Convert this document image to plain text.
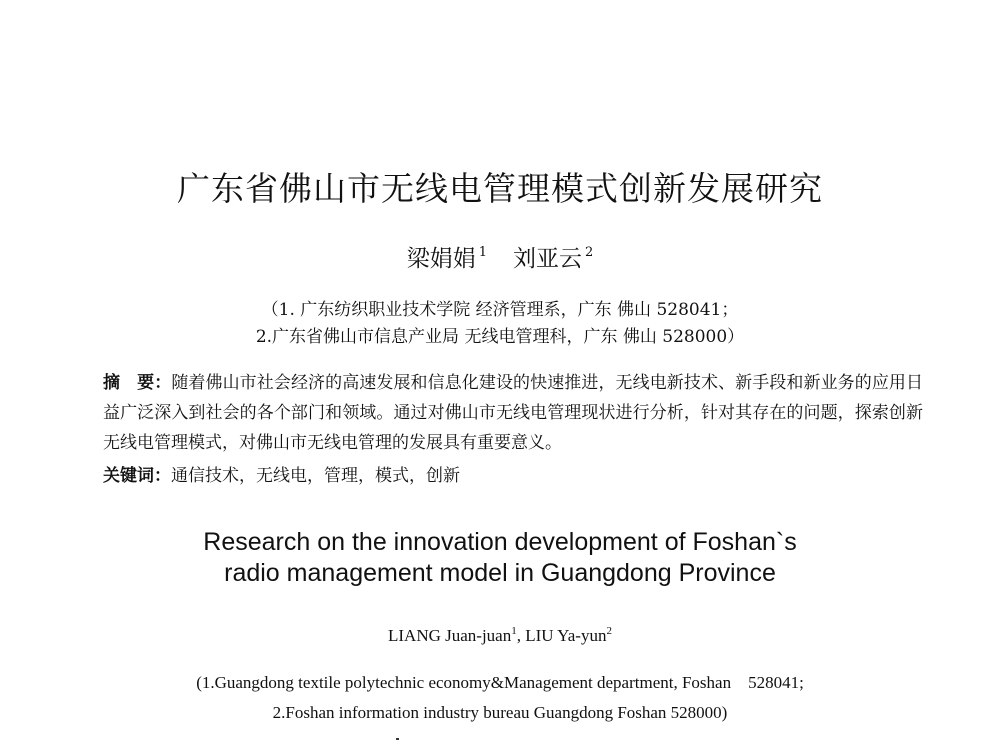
广东省佛山市无线电管理模式创新发展研究
梁娟娟 $^1$ 刘亚云 $^2$
（1. 广东纺织职业技术学院 经济管理系，广东 佛山 528041；
2.广东省佛山市信息产业局 无线电管理科，广东 佛山 528000）
摘　要：随着佛山市社会经济的高速发展和信息化建设的快速推进，无线电新技术、新手段和新业务的应用日益广泛深入到社会的各个部门和领域。通过对佛山市无线电管理现状进行分析，针对其存在的问题，探索创新无线电管理模式，对佛山市无线电管理的发展具有重要意义。
关键词：通信技术，无线电，管理，模式，创新
Research on the innovation development of Foshan`s
radio management model in Guangdong Province
LIANG Juan-juan$^1$, LIU Ya-yun$^2$
(1.Guangdong textile polytechnic economy&Management department, Foshan    528041;
2.Foshan information industry bureau Guangdong Foshan 528000)
